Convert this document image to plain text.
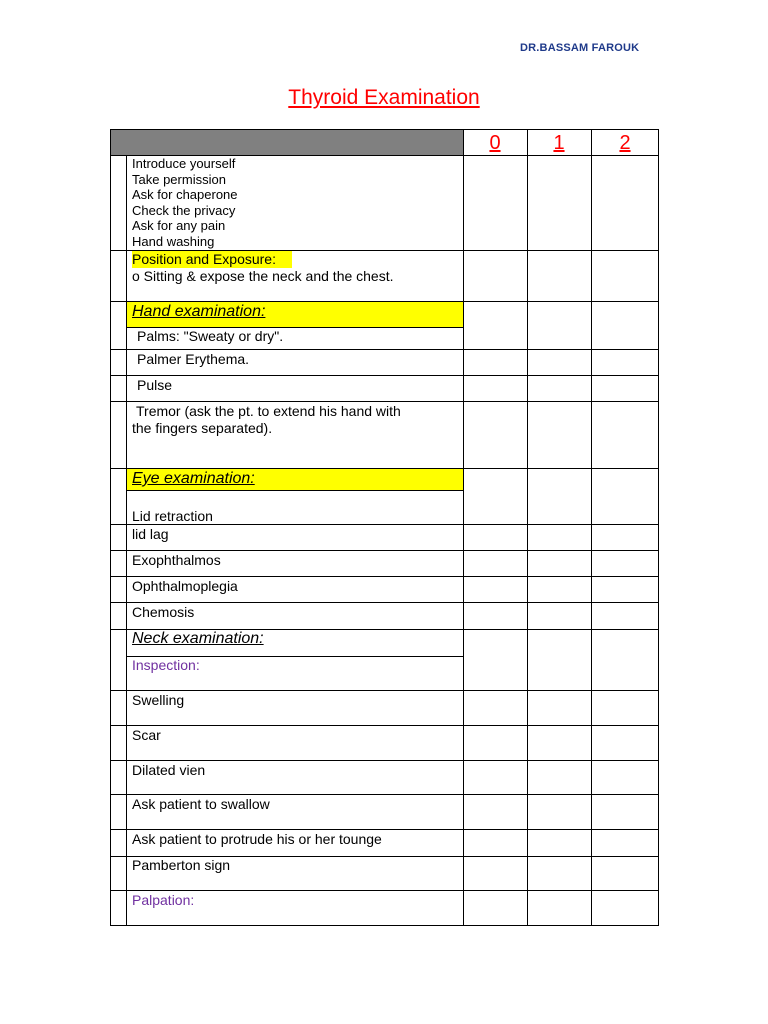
DR.BASSAM FAROUK
Thyroid Examination
0	1	2
Introduce yourself
Take permission
Ask for chaperone
Check the privacy
Ask for any pain
Hand washing
Position and Exposure:
o Sitting & expose the neck and the chest.
Hand examination:
Palms: "Sweaty or dry".
Palmer Erythema.
Pulse
Tremor (ask the pt. to extend his hand with
the fingers separated).
Eye examination:
Lid retraction
lid lag
Exophthalmos
Ophthalmoplegia
Chemosis
Neck examination:
Inspection:
Swelling
Scar
Dilated vien
Ask patient to swallow
Ask patient to protrude his or her tounge
Pamberton sign
Palpation:
